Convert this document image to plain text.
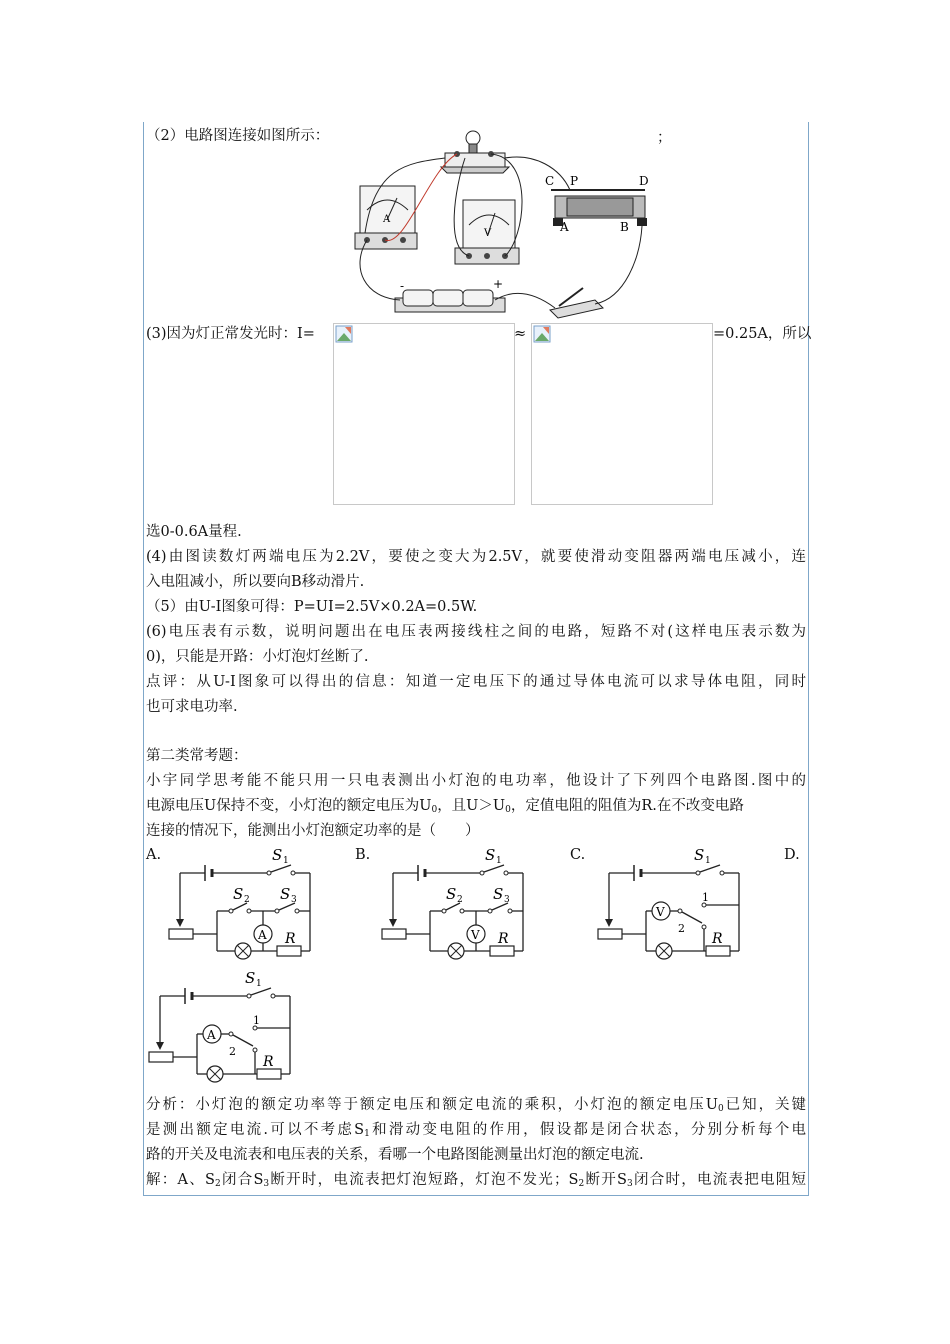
（2）电路图连接如图所示：	；
A
V
C P	D
A	B
-	+
(3)因为灯正常发光时：I=	≈	=0.25A，所以
选0-0.6A量程.
(4)由图读数灯两端电压为2.2V，要使之变大为2.5V，就要使滑动变阻器两端电压减小，连
入电阻减小，所以要向B移动滑片.
（5）由U-I图象可得：P=UI=2.5V×0.2A=0.5W.
(6)电压表有示数，说明问题出在电压表两接线柱之间的电路，短路不对(这样电压表示数为
0)，只能是开路：小灯泡灯丝断了.
点评：从U-I图象可以得出的信息：知道一定电压下的通过导体电流可以求导体电阻，同时
也可求电功率.
第二类常考题：
小宇同学思考能不能只用一只电表测出小灯泡的电功率，他设计了下列四个电路图.图中的
电源电压U保持不变，小灯泡的额定电压为$U_0$，且$U>U_0$，定值电阻的阻值为R.在不改变电路
连接的情况下，能测出小灯泡额定功率的是（　　）
A.	B.	C.	D.
S 1
S 2 S 3
A R
S 1
S 2 S 3
V R
S 1
V
1
2
R
S 1
A
1
2
R
分析：小灯泡的额定功率等于额定电压和额定电流的乘积，小灯泡的额定电压$U_0$已知，关键
是测出额定电流.可以不考虑$S_1$和滑动变电阻的作用，假设都是闭合状态，分别分析每个电
路的开关及电流表和电压表的关系，看哪一个电路图能测量出灯泡的额定电流.
解：A、$S_2$闭合$S_3$断开时，电流表把灯泡短路，灯泡不发光；$S_2$断开$S_3$闭合时，电流表把电阻短
